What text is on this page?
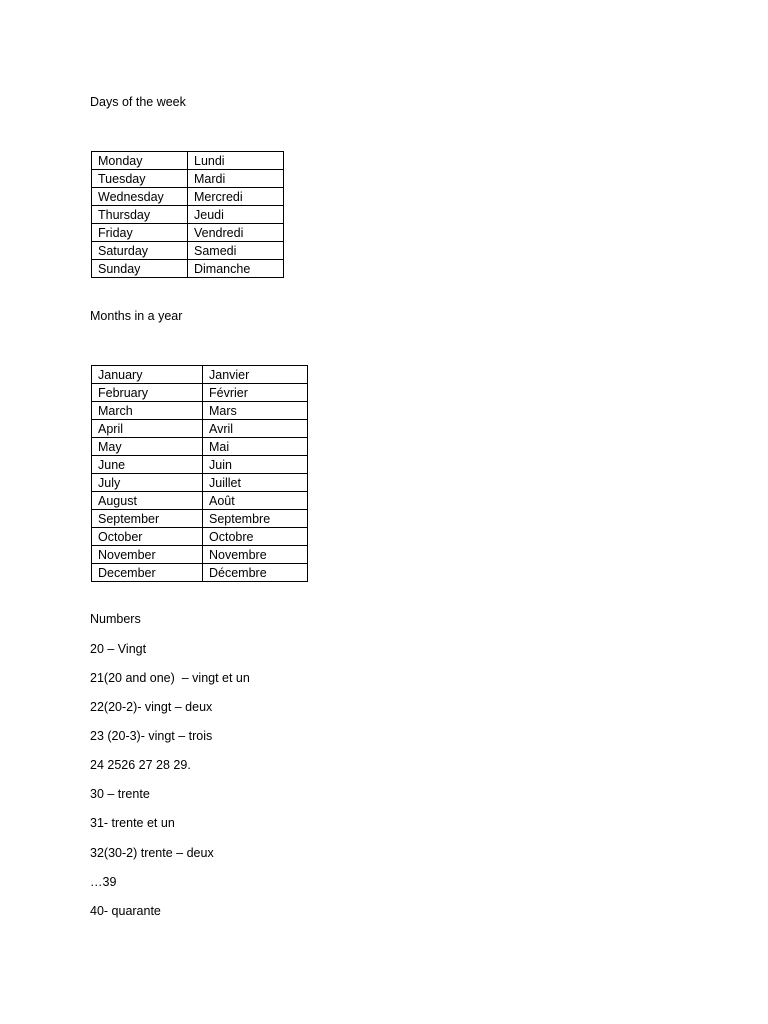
Days of the week

Monday	Lundi
Tuesday	Mardi
Wednesday	Mercredi
Thursday	Jeudi
Friday	Vendredi
Saturday	Samedi
Sunday	Dimanche

Months in a year

January	Janvier
February	Février
March	Mars
April	Avril
May	Mai
June	Juin
July	Juillet
August	Août
September	Septembre
October	Octobre
November	Novembre
December	Décembre

Numbers

20 – Vingt

21(20 and one)  – vingt et un

22(20-2)- vingt – deux

23 (20-3)- vingt – trois

24 2526 27 28 29.

30 – trente

31- trente et un

32(30-2) trente – deux

…39

40- quarante
